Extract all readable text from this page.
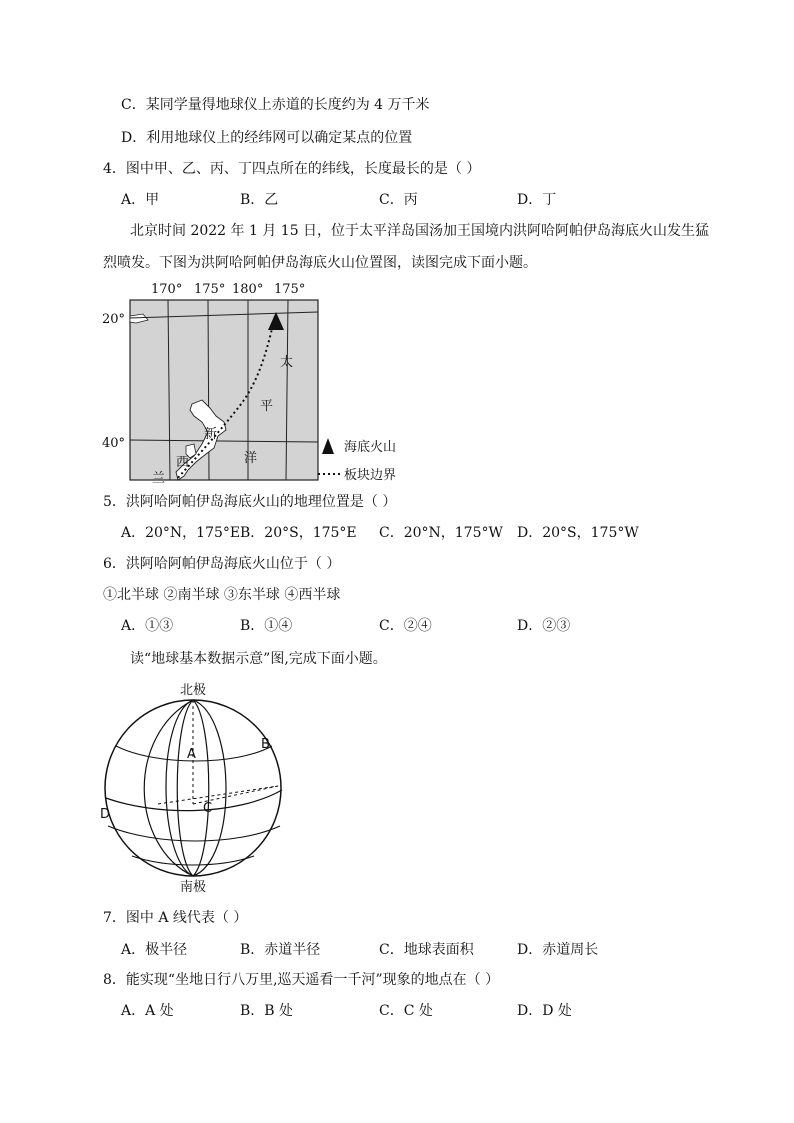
C．某同学量得地球仪上赤道的长度约为 4 万千米
D．利用地球仪上的经纬网可以确定某点的位置
4．图中甲、乙、丙、丁四点所在的纬线，长度最长的是（ ）
A．甲	B．乙	C．丙	D．丁
北京时间 2022 年 1 月 15 日，位于太平洋岛国汤加王国境内洪阿哈阿帕伊岛海底火山发生猛
烈喷发。下图为洪阿哈阿帕伊岛海底火山位置图，读图完成下面小题。
170° 175° 180° 175°
20°
40°
太
平
洋
新
西
兰
海底火山
板块边界
5．洪阿哈阿帕伊岛海底火山的地理位置是（ ）
A．20°N，175°E B．20°S，175°E C．20°N，175°W D．20°S，175°W
6．洪阿哈阿帕伊岛海底火山位于（ ）
①北半球 ②南半球 ③东半球 ④西半球
A．①③	B．①④	C．②④	D．②③
读“地球基本数据示意”图,完成下面小题。
北极
南极
A
B
C
D
7．图中 A 线代表（ ）
A．极半径	B．赤道半径	C．地球表面积	D．赤道周长
8．能实现“坐地日行八万里,巡天遥看一千河”现象的地点在（ ）
A．A 处	B．B 处	C．C 处	D．D 处
